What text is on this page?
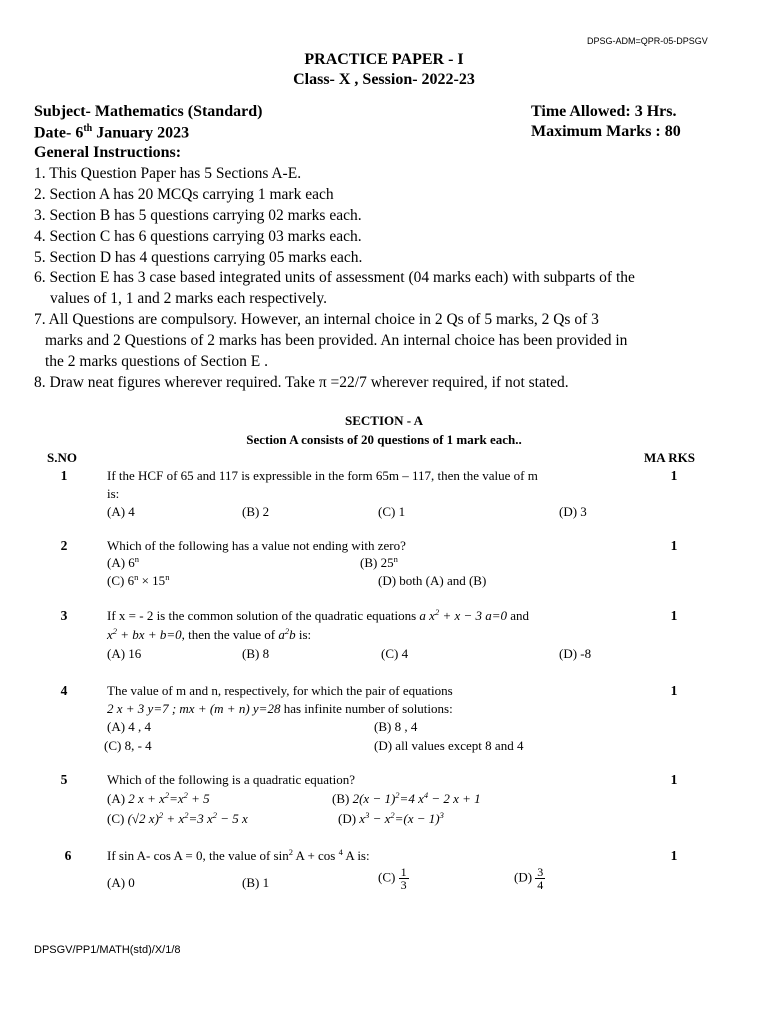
DPSG-ADM=QPR-05-DPSGV
PRACTICE PAPER - I
Class- X , Session- 2022-23
Subject- Mathematics (Standard)	Time Allowed: 3 Hrs.
Date- 6th January 2023	Maximum Marks : 80
General Instructions:
1. This Question Paper has 5 Sections A-E.
2. Section A has 20 MCQs carrying 1 mark each
3. Section B has 5 questions carrying 02 marks each.
4. Section C has 6 questions carrying 03 marks each.
5. Section D has 4 questions carrying 05 marks each.
6. Section E has 3 case based integrated units of assessment (04 marks each) with subparts of the
values of 1, 1 and 2 marks each respectively.
7. All Questions are compulsory. However, an internal choice in 2 Qs of 5 marks, 2 Qs of 3
marks and 2 Questions of 2 marks has been provided. An internal choice has been provided in
the 2 marks questions of Section E .
8. Draw neat figures wherever required. Take π =22/7 wherever required, if not stated.
SECTION - A
Section A consists of 20 questions of 1 mark each..
S.NO	MA RKS
1	If the HCF of 65 and 117 is expressible in the form 65m – 117, then the value of m
is:
1
(A) 4	(B) 2	(C) 1	(D) 3
2	Which of the following has a value not ending with zero?	1
(A) 6$^n$	(B) 25$^n$
(C) $6^n \times 15^n$	(D) both (A) and (B)
3	If x = - 2 is the common solution of the quadratic equations a $x^2 + x - 3$ a=0 and
$x^2$ + bx + b=0, then the value of $a^2b$ is:
1
(A) 16	(B) 8	(C) 4	(D) -8
4	The value of m and n, respectively, for which the pair of equations
2 x + 3 y=7 ; mx + (m + n) y=28 has infinite number of solutions:
1
(A) 4 , 4	(B) 8 , 4
(C) 8, - 4	(D) all values except 8 and 4
5	Which of the following is a quadratic equation?	1
(A) 2 $x + x^2=x^2 + 5$	(B) $2(x - 1)^2=4$ $x^4 - 2$ x + 1
(C) (√2 $x)^2 + x^2=3$ $x^2 - 5$ x	(D) $x^3 - x^2=(x - 1)^3$
6	If sin A- cos A = 0, the value of $\sin^2 A + \cos ^4$ A is:	1
(A) 0	(B) 1	$(C) \frac{1}{3}$	$(D) \frac{3}{4}$
DPSGV/PP1/MATH(std)/X/1/8
